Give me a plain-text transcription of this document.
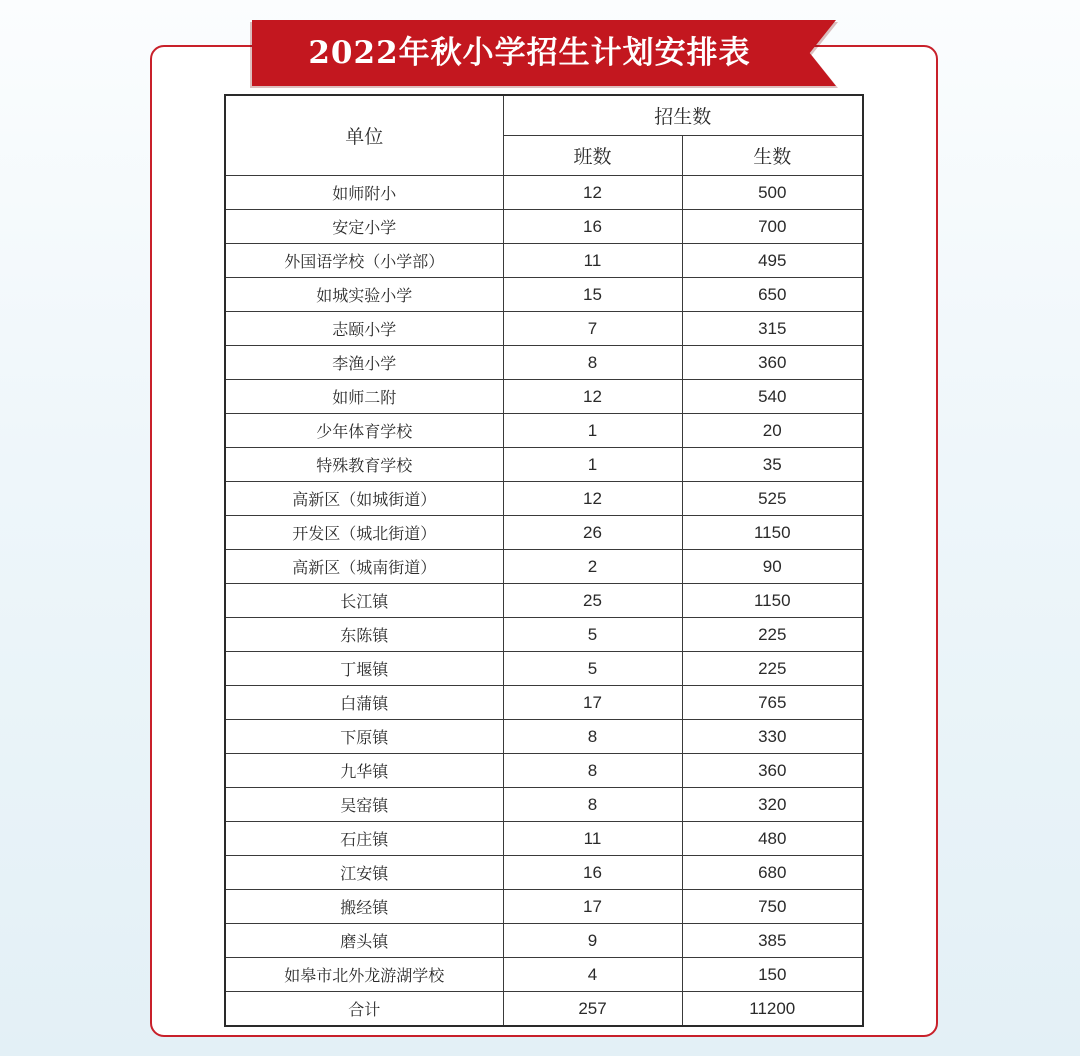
2022年秋小学招生计划安排表
单位	招生数	
	班数	生数
如师附小	12	500
安定小学	16	700
外国语学校（小学部）	11	495
如城实验小学	15	650
志颐小学	7	315
李渔小学	8	360
如师二附	12	540
少年体育学校	1	20
特殊教育学校	1	35
高新区（如城街道）	12	525
开发区（城北街道）	26	1150
高新区（城南街道）	2	90
长江镇	25	1150
东陈镇	5	225
丁堰镇	5	225
白蒲镇	17	765
下原镇	8	330
九华镇	8	360
吴窑镇	8	320
石庄镇	11	480
江安镇	16	680
搬经镇	17	750
磨头镇	9	385
如皋市北外龙游湖学校	4	150
合计	257	11200
